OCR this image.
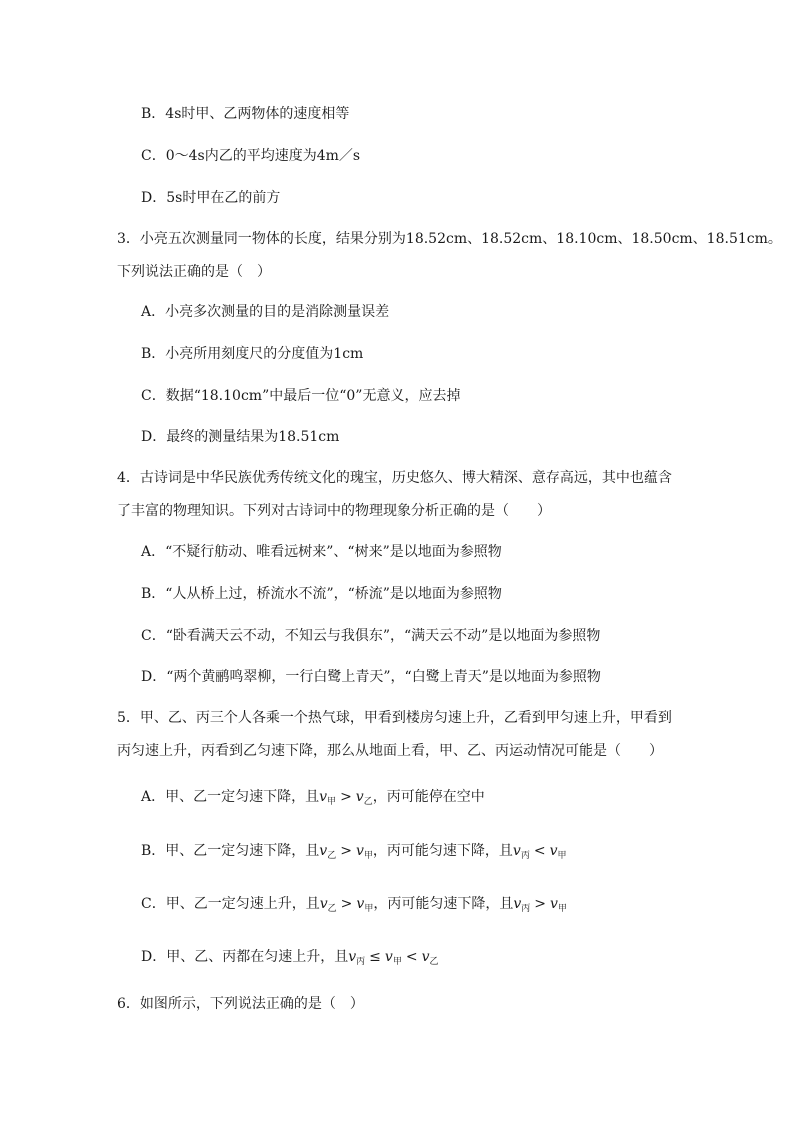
B．4s时甲、乙两物体的速度相等
C．0～4s内乙的平均速度为4m／s
D．5s时甲在乙的前方
3．小亮五次测量同一物体的长度，结果分别为18.52cm、18.52cm、18.10cm、18.50cm、18.51cm。
下列说法正确的是（　）
A．小亮多次测量的目的是消除测量误差
B．小亮所用刻度尺的分度值为1cm
C．数据“18.10cm”中最后一位“0”无意义，应去掉
D．最终的测量结果为18.51cm
4．古诗词是中华民族优秀传统文化的瑰宝，历史悠久、博大精深、意存高远，其中也蕴含
了丰富的物理知识。下列对古诗词中的物理现象分析正确的是（　　）
A．“不疑行舫动、唯看远树来”、“树来”是以地面为参照物
B．“人从桥上过，桥流水不流”，“桥流”是以地面为参照物
C．“卧看满天云不动，不知云与我俱东”，“满天云不动”是以地面为参照物
D．“两个黄鹂鸣翠柳，一行白鹭上青天”，“白鹭上青天”是以地面为参照物
5．甲、乙、丙三个人各乘一个热气球，甲看到楼房匀速上升，乙看到甲匀速上升，甲看到
丙匀速上升，丙看到乙匀速下降，那么从地面上看，甲、乙、丙运动情况可能是（　　）
A．甲、乙一定匀速下降，且$v_甲 > v_乙$，丙可能停在空中
B．甲、乙一定匀速下降，且$v_乙 > v_甲$，丙可能匀速下降，且$v_丙 < v_甲$
C．甲、乙一定匀速上升，且$v_乙 > v_甲$，丙可能匀速下降，且$v_丙 > v_甲$
D．甲、乙、丙都在匀速上升，且$v_丙 \le v_甲 < v_乙$
6．如图所示，下列说法正确的是（　）
